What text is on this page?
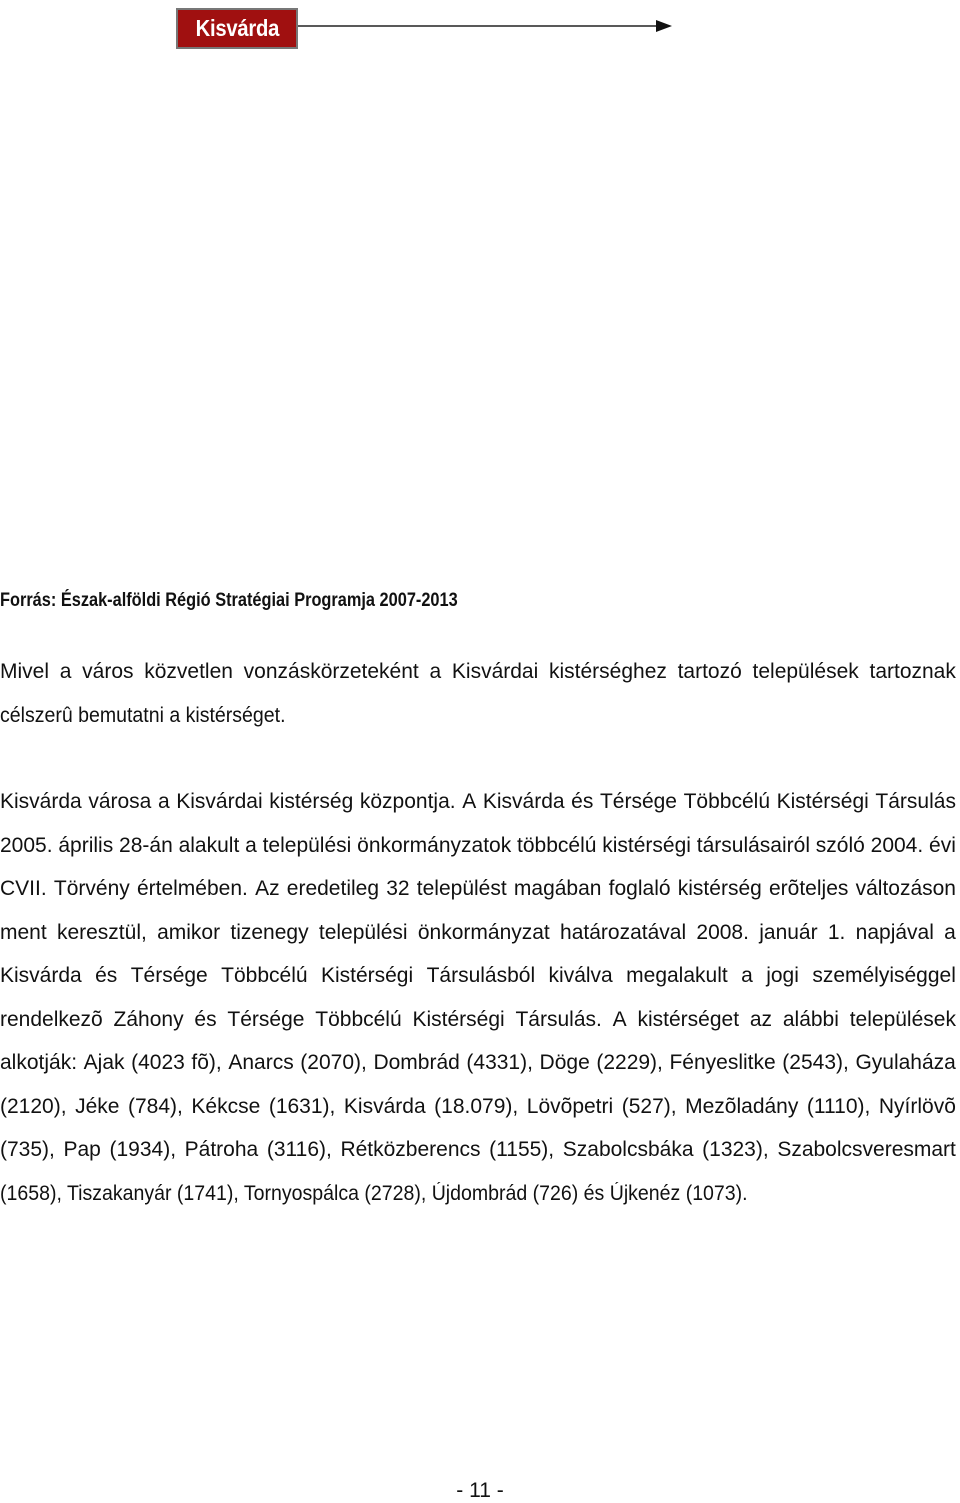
Kisvárda
Forrás: Észak-alföldi Régió Stratégiai Programja 2007-2013
Mivel a város közvetlen vonzáskörzeteként a Kisvárdai kistérséghez tartozó települések tartoznak
célszerû bemutatni a kistérséget.
Kisvárda városa a Kisvárdai kistérség központja. A Kisvárda és Térsége Többcélú Kistérségi Társulás
2005. április 28-án alakult a települési önkormányzatok többcélú kistérségi társulásairól szóló 2004. évi
CVII. Törvény értelmében. Az eredetileg 32 települést magában foglaló kistérség erõteljes változáson
ment keresztül, amikor tizenegy települési önkormányzat határozatával 2008. január 1. napjával a
Kisvárda és Térsége Többcélú Kistérségi Társulásból kiválva megalakult a jogi személyiséggel
rendelkezõ Záhony és Térsége Többcélú Kistérségi Társulás. A kistérséget az alábbi települések
alkotják: Ajak (4023 fõ), Anarcs (2070), Dombrád (4331), Döge (2229), Fényeslitke (2543), Gyulaháza
(2120), Jéke (784), Kékcse (1631), Kisvárda (18.079), Lövõpetri (527), Mezõladány (1110), Nyírlövõ
(735), Pap (1934), Pátroha (3116), Rétközberencs (1155), Szabolcsbáka (1323), Szabolcsveresmart
(1658), Tiszakanyár (1741), Tornyospálca (2728), Újdombrád (726) és Újkenéz (1073).
- 11 -
